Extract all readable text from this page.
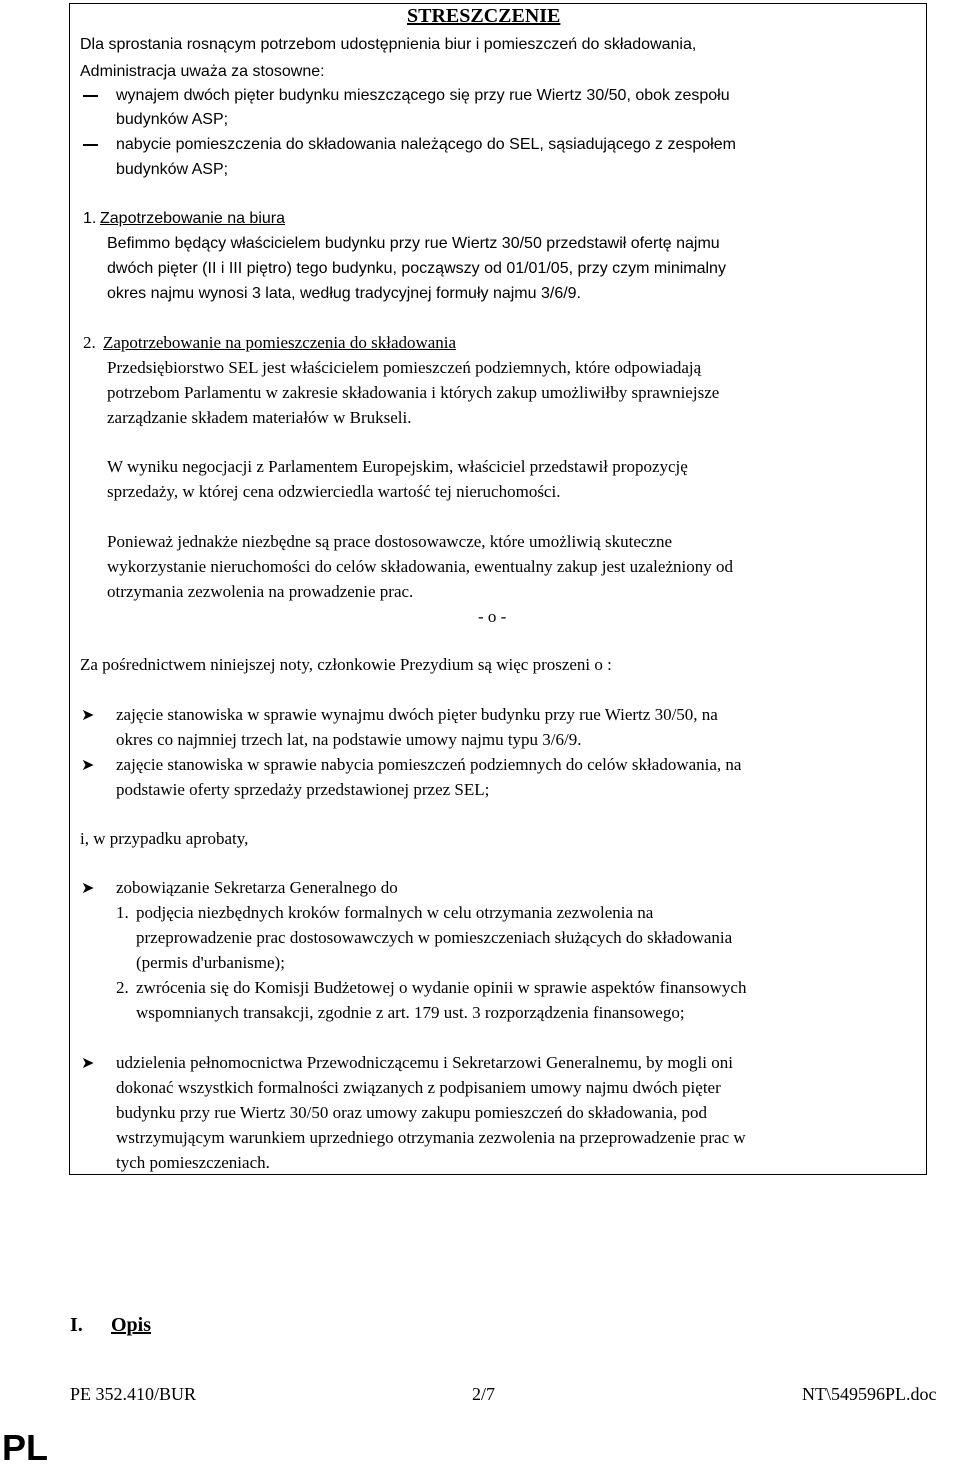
STRESZCZENIE
Dla sprostania rosnącym potrzebom udostępnienia biur i pomieszczeń do składowania,
Administracja uważa za stosowne:
wynajem dwóch pięter budynku mieszczącego się przy rue Wiertz 30/50, obok zespołu
budynków ASP;
nabycie pomieszczenia do składowania należącego do SEL, sąsiadującego z zespołem
budynków ASP;
1. Zapotrzebowanie na biura
Befimmo będący właścicielem budynku przy rue Wiertz 30/50 przedstawił ofertę najmu
dwóch pięter (II i III piętro) tego budynku, począwszy od 01/01/05, przy czym minimalny
okres najmu wynosi 3 lata, według tradycyjnej formuły najmu 3/6/9.
2. Zapotrzebowanie na pomieszczenia do składowania
Przedsiębiorstwo SEL jest właścicielem pomieszczeń podziemnych, które odpowiadają
potrzebom Parlamentu w zakresie składowania i których zakup umożliwiłby sprawniejsze
zarządzanie składem materiałów w Brukseli.
W wyniku negocjacji z Parlamentem Europejskim, właściciel przedstawił propozycję
sprzedaży, w której cena odzwierciedla wartość tej nieruchomości.
Ponieważ jednakże niezbędne są prace dostosowawcze, które umożliwią skuteczne
wykorzystanie nieruchomości do celów składowania, ewentualny zakup jest uzależniony od
otrzymania zezwolenia na prowadzenie prac.
- o -
Za pośrednictwem niniejszej noty, członkowie Prezydium są więc proszeni o :
➤ zajęcie stanowiska w sprawie wynajmu dwóch pięter budynku przy rue Wiertz 30/50, na
okres co najmniej trzech lat, na podstawie umowy najmu typu 3/6/9.
➤ zajęcie stanowiska w sprawie nabycia pomieszczeń podziemnych do celów składowania, na
podstawie oferty sprzedaży przedstawionej przez SEL;
i, w przypadku aprobaty,
➤ zobowiązanie Sekretarza Generalnego do
1. podjęcia niezbędnych kroków formalnych w celu otrzymania zezwolenia na
przeprowadzenie prac dostosowawczych w pomieszczeniach służących do składowania
(permis d'urbanisme);
2. zwrócenia się do Komisji Budżetowej o wydanie opinii w sprawie aspektów finansowych
wspomnianych transakcji, zgodnie z art. 179 ust. 3 rozporządzenia finansowego;
➤ udzielenia pełnomocnictwa Przewodniczącemu i Sekretarzowi Generalnemu, by mogli oni
dokonać wszystkich formalności związanych z podpisaniem umowy najmu dwóch pięter
budynku przy rue Wiertz 30/50 oraz umowy zakupu pomieszczeń do składowania, pod
wstrzymującym warunkiem uprzedniego otrzymania zezwolenia na przeprowadzenie prac w
tych pomieszczeniach.
I. Opis
PE 352.410/BUR	2/7	NT\549596PL.doc
PL
